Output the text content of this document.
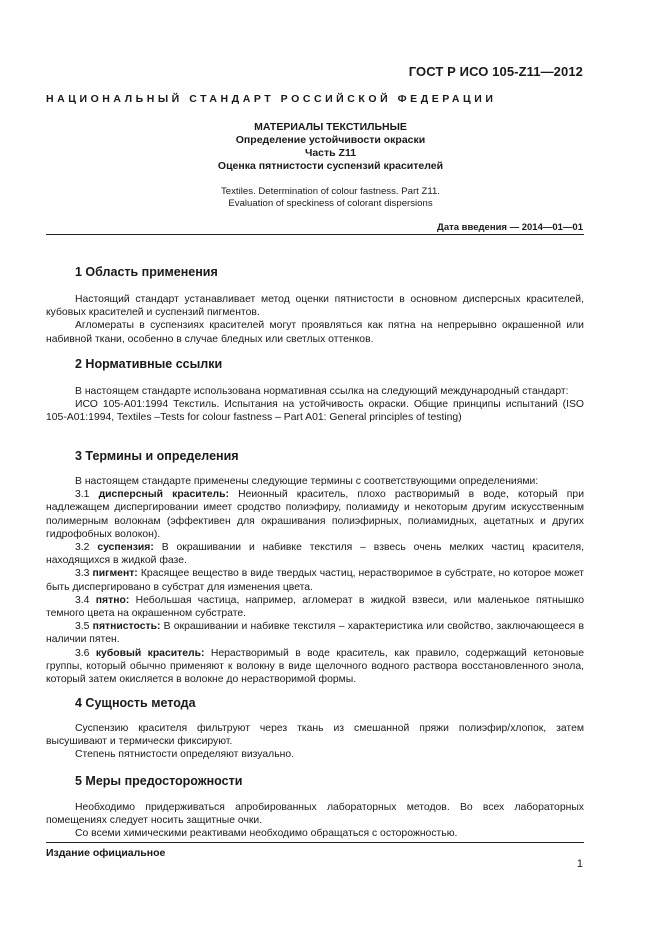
ГОСТ Р ИСО 105-Z11—2012
НАЦИОНАЛЬНЫЙ СТАНДАРТ РОССИЙСКОЙ ФЕДЕРАЦИИ
МАТЕРИАЛЫ ТЕКСТИЛЬНЫЕ
Определение устойчивости окраски
Часть Z11
Оценка пятнистости суспензий красителей
Textiles. Determination of colour fastness. Part Z11.
Evaluation of speckiness of colorant dispersions
Дата введения — 2014—01—01
1 Область применения

Настоящий стандарт устанавливает метод оценки пятнистости в основном дисперсных красителей, кубовых красителей и суспензий пигментов.

Агломераты в суспензиях красителей могут проявляться как пятна на непрерывно окрашенной или набивной ткани, особенно в случае бледных или светлых оттенков.

2 Нормативные ссылки

В настоящем стандарте использована нормативная ссылка на следующий международный стандарт:

ИСО 105-А01:1994 Текстиль. Испытания на устойчивость окраски. Общие принципы испытаний (ISO 105-A01:1994, Textiles –Tests for colour fastness – Part A01: General principles of testing)

3 Термины и определения

В настоящем стандарте применены следующие термины с соответствующими определениями:

3.1 дисперсный краситель: Неионный краситель, плохо растворимый в воде, который при надлежащем диспергировании имеет сродство полиэфиру, полиамиду и некоторым другим искусственным полимерным волокнам (эффективен для окрашивания полиэфирных, полиамидных, ацетатных и других гидрофобных волокон).

3.2 суспензия: В окрашивании и набивке текстиля – взвесь очень мелких частиц красителя, находящихся в жидкой фазе.

3.3 пигмент: Красящее вещество в виде твердых частиц, нерастворимое в субстрате, но которое может быть диспергировано в субстрат для изменения цвета.

3.4 пятно: Небольшая частица, например, агломерат в жидкой взвеси, или маленькое пятнышко темного цвета на окрашенном субстрате.

3.5 пятнистость: В окрашивании и набивке текстиля – характеристика или свойство, заключающееся в наличии пятен.

3.6 кубовый краситель: Нерастворимый в воде краситель, как правило, содержащий кетоновые группы, который обычно применяют к волокну в виде щелочного водного раствора восстановленного энола, который затем окисляется в волокне до нерастворимой формы.

4 Сущность метода

Суспензию красителя фильтруют через ткань из смешанной пряжи полиэфир/хлопок, затем высушивают и термически фиксируют.

Степень пятнистости определяют визуально.

5 Меры предосторожности

Необходимо придерживаться апробированных лабораторных методов. Во всех лабораторных помещениях следует носить защитные очки.

Со всеми химическими реактивами необходимо обращаться с осторожностью.

Издание официальное
1
